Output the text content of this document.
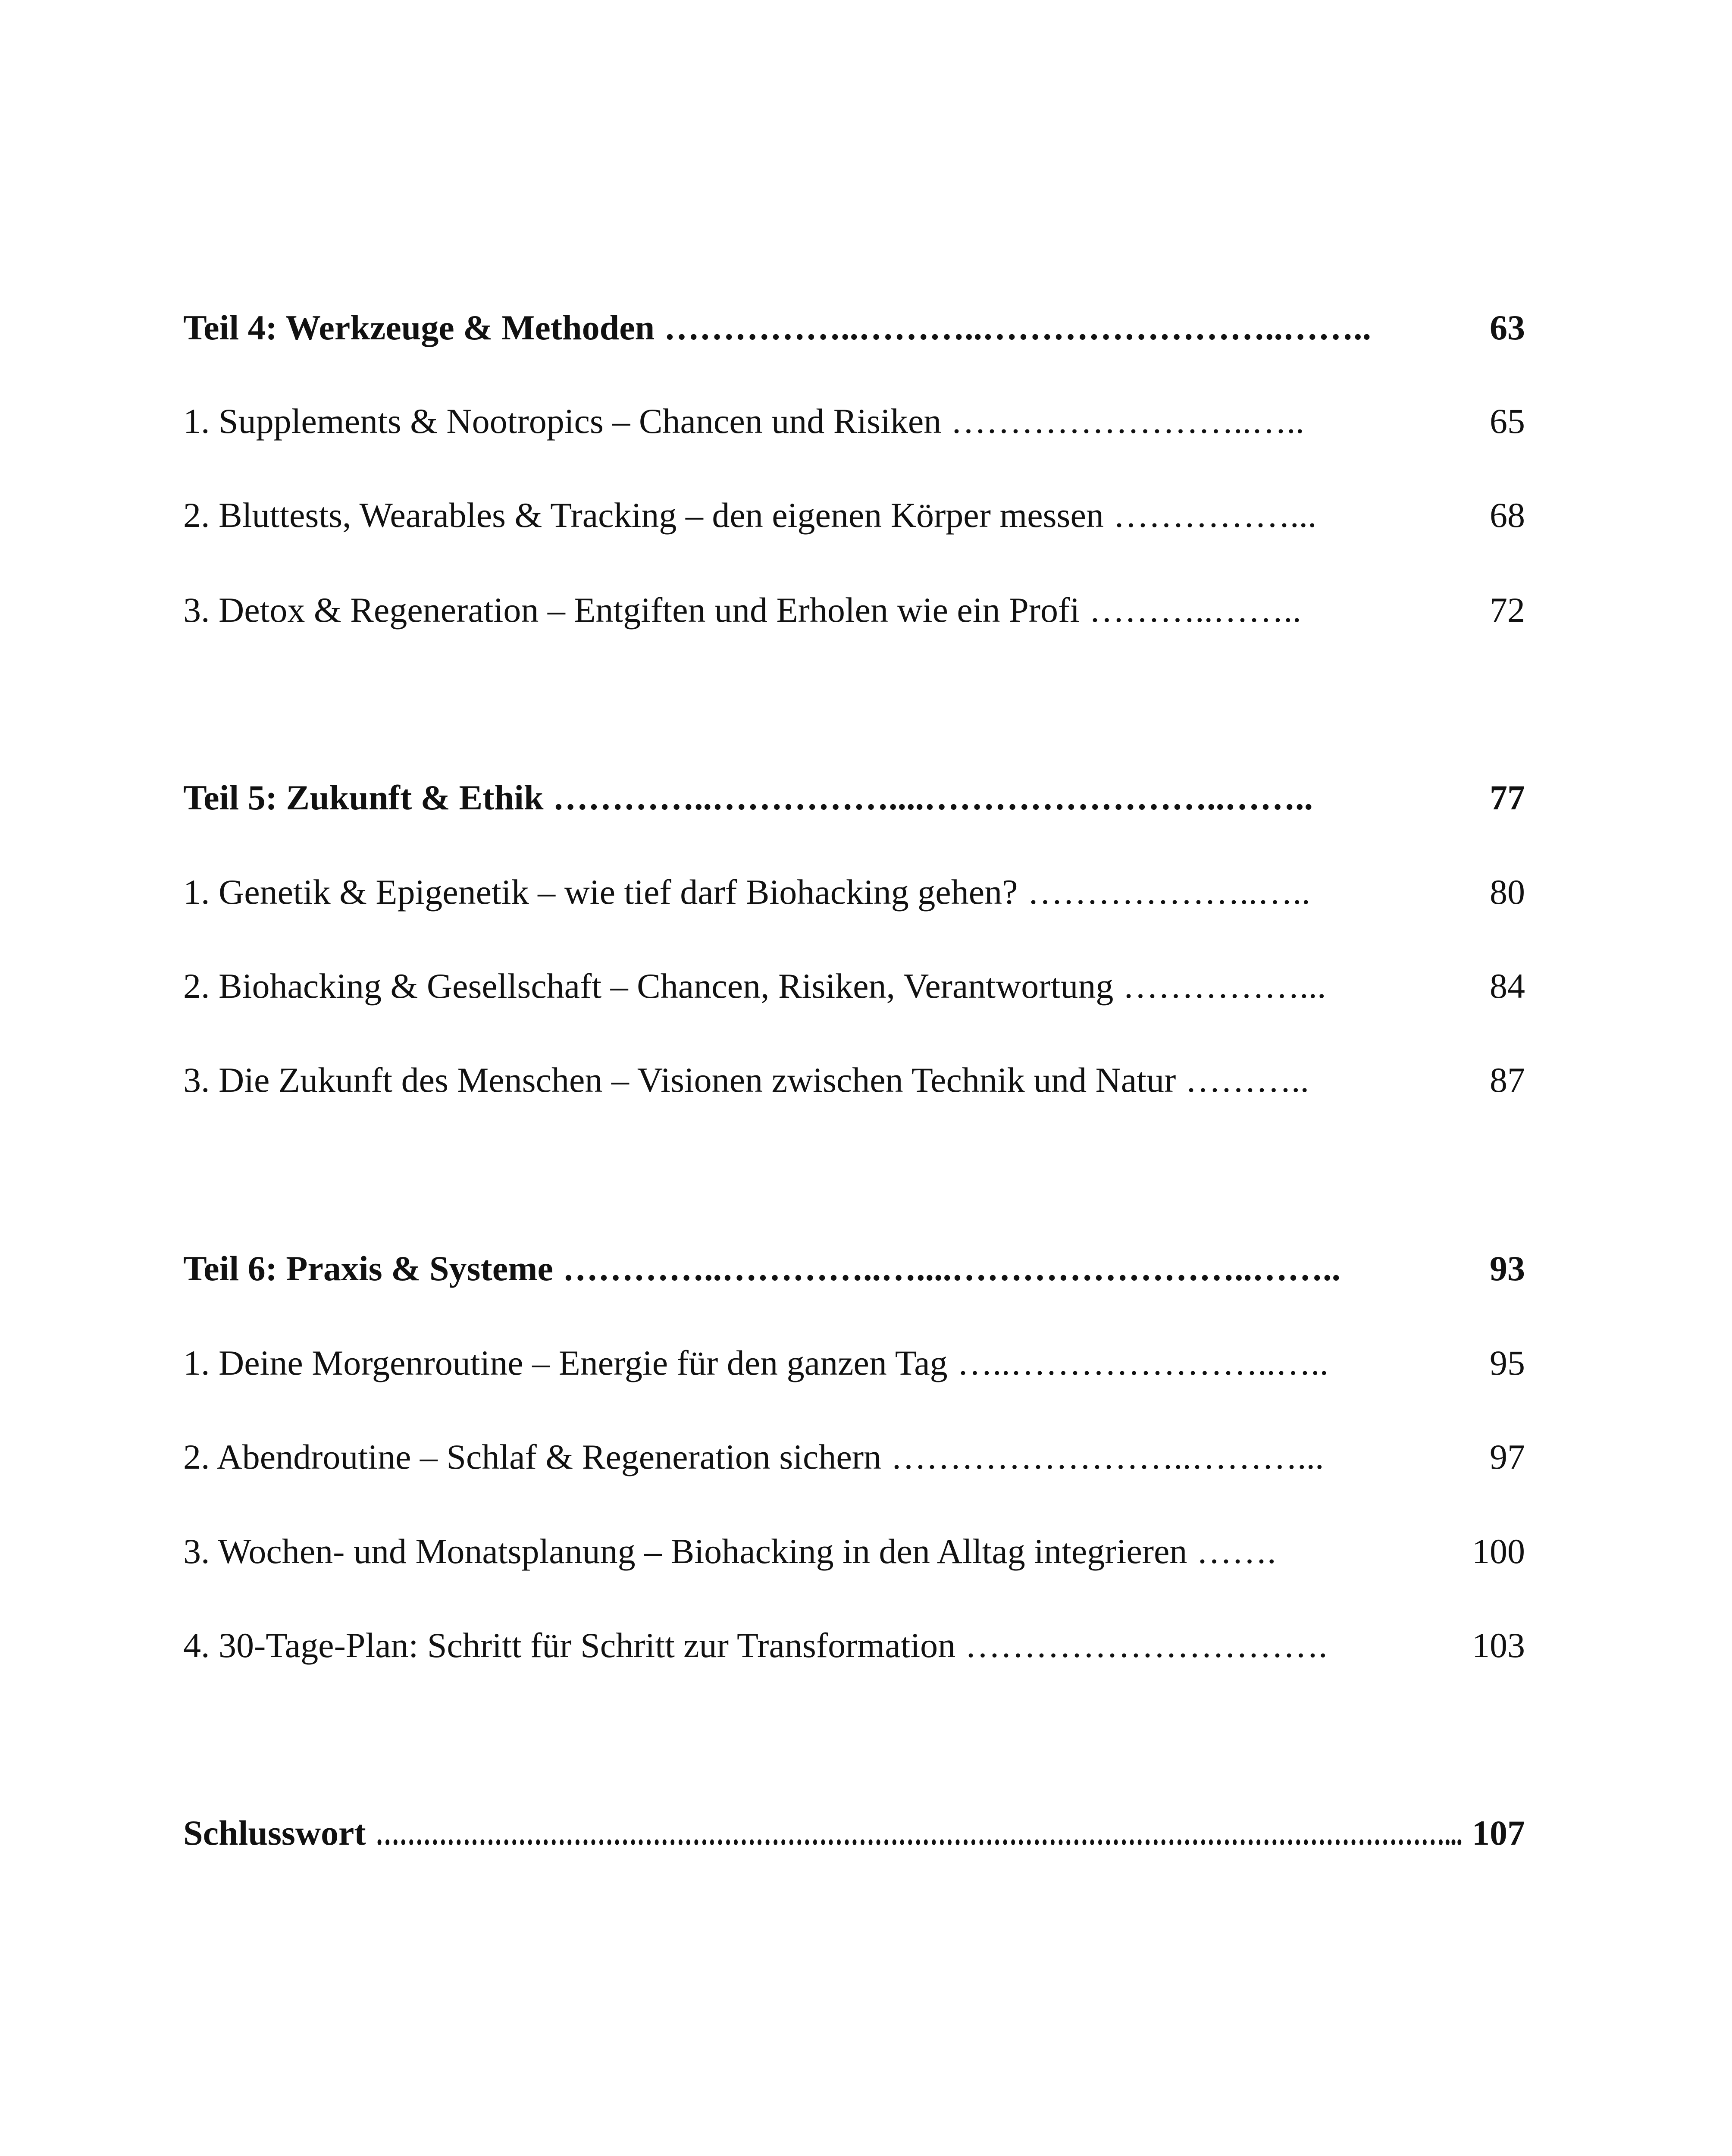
Teil 4: Werkzeuge & Methoden ……………..………..……………………..……..	63
1. Supplements & Nootropics – Chancen und Risiken ……………………..…..	65
2. Bluttests, Wearables & Tracking – den eigenen Körper messen ……………...	68
3. Detox & Regeneration – Entgiften und Erholen wie ein Profi ………..……..	72
Teil 5: Zukunft & Ethik …………..……………....……………………..……..	77
1. Genetik & Epigenetik – wie tief darf Biohacking gehen? ………………..…..	80
2. Biohacking & Gesellschaft – Chancen, Risiken, Verantwortung ……………...	84
3. Die Zukunft des Menschen – Visionen zwischen Technik und Natur ………..	87
Teil 6: Praxis & Systeme …………..…………..…....……………………..……..	93
1. Deine Morgenroutine – Energie für den ganzen Tag …..…………………..…..	95
2. Abendroutine – Schlaf & Regeneration sichern ……………………..………...	97
3. Wochen- und Monatsplanung – Biohacking in den Alltag integrieren …….	100
4. 30-Tage-Plan: Schritt für Schritt zur Transformation ………………………….	103
Schlusswort ………………………………………………………………………………………………………………………... 107
